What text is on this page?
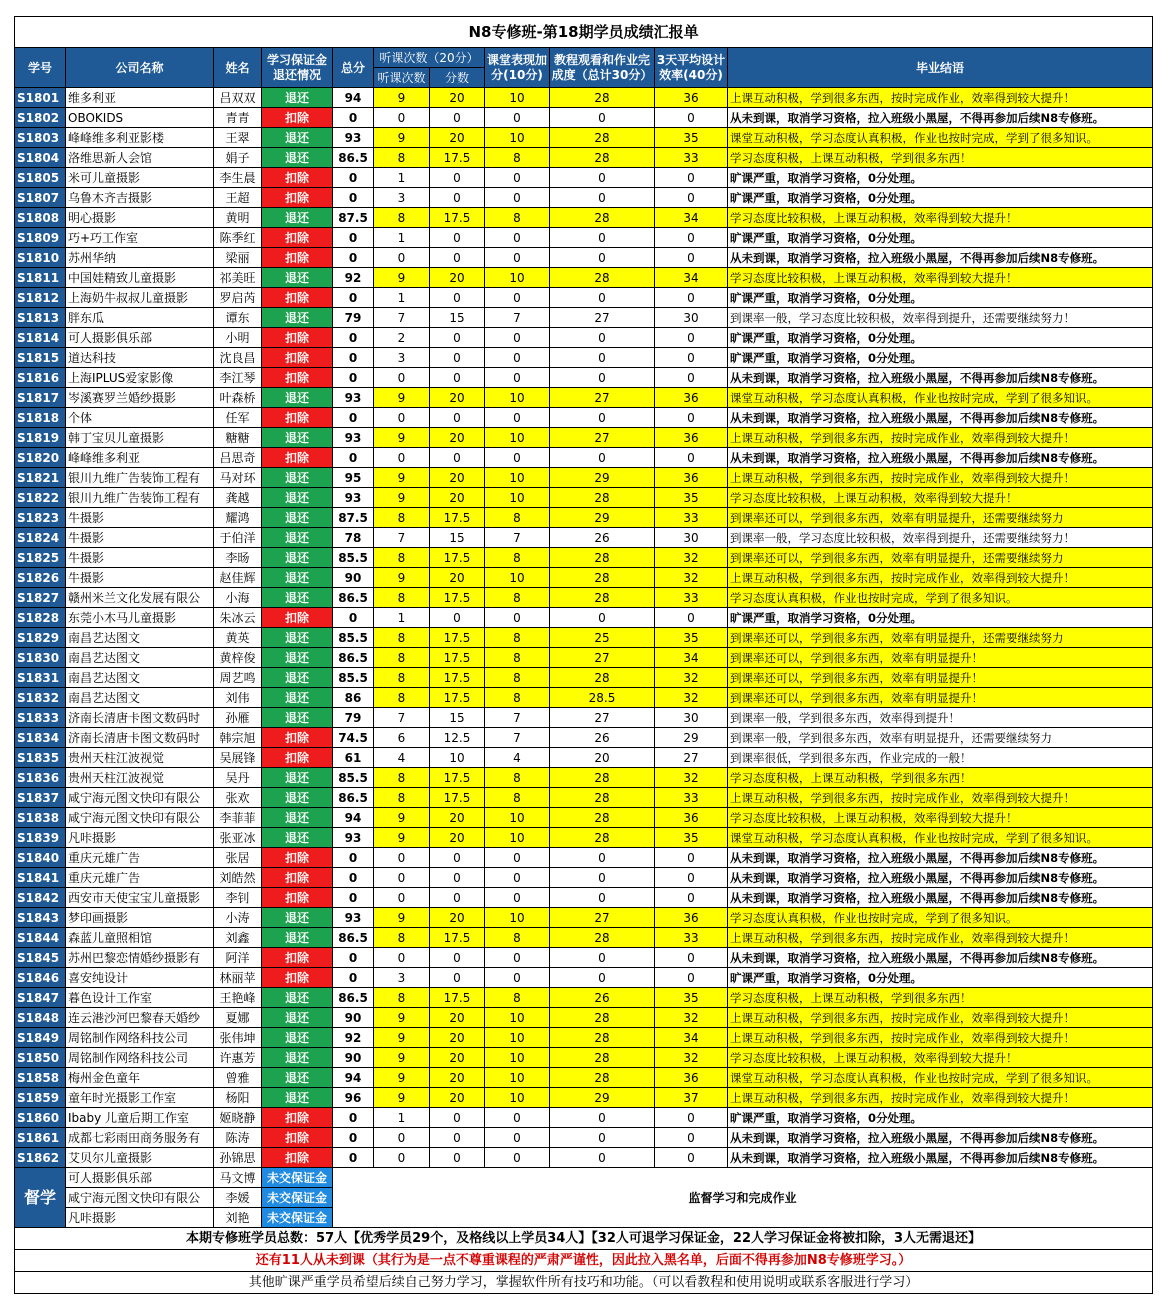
N8专修班-第18期学员成绩汇报单										
学号	公司名称	姓名	学习保证金退还情况	总分	听课次数（20分）		课堂表现加分(10分)	教程观看和作业完成度（总计30分）	3天平均设计效率(40分)	毕业结语
					听课次数	分数				
S1801	维多利亚	吕双双	退还	94	9	20	10	28	36	上课互动积极，学到很多东西，按时完成作业，效率得到较大提升！
S1802	OBOKIDS	青青	扣除	0	0	0	0	0	0	从未到课，取消学习资格，拉入班级小黑屋，不得再参加后续N8专修班。
S1803	峰峰维多利亚影楼	王翠	退还	93	9	20	10	28	35	课堂互动积极，学习态度认真积极，作业也按时完成，学到了很多知识。
S1804	洛维思新人会馆	娟子	退还	86.5	8	17.5	8	28	33	学习态度积极，上课互动积极，学到很多东西！
S1805	米可儿童摄影	李生晨	扣除	0	1	0	0	0	0	旷课严重，取消学习资格，0分处理。
S1807	乌鲁木齐吉摄影	王超	扣除	0	3	0	0	0	0	旷课严重，取消学习资格，0分处理。
S1808	明心摄影	黄明	退还	87.5	8	17.5	8	28	34	学习态度比较积极，上课互动积极，效率得到较大提升！
S1809	巧+巧工作室	陈季红	扣除	0	1	0	0	0	0	旷课严重，取消学习资格，0分处理。
S1810	苏州华纳	梁丽	扣除	0	0	0	0	0	0	从未到课，取消学习资格，拉入班级小黑屋，不得再参加后续N8专修班。
S1811	中国娃精致儿童摄影	祁美旺	退还	92	9	20	10	28	34	学习态度比较积极，上课互动积极，效率得到较大提升！
S1812	上海奶牛叔叔儿童摄影	罗启芮	扣除	0	1	0	0	0	0	旷课严重，取消学习资格，0分处理。
S1813	胖东瓜	谭东	退还	79	7	15	7	27	30	到课率一般，学习态度比较积极，效率得到提升，还需要继续努力！
S1814	可人摄影俱乐部	小明	扣除	0	2	0	0	0	0	旷课严重，取消学习资格，0分处理。
S1815	道达科技	沈良昌	扣除	0	3	0	0	0	0	旷课严重，取消学习资格，0分处理。
S1816	上海IPLUS爱家影像	李江琴	扣除	0	0	0	0	0	0	从未到课，取消学习资格，拉入班级小黑屋，不得再参加后续N8专修班。
S1817	岑溪赛罗兰婚纱摄影	叶森桥	退还	93	9	20	10	27	36	课堂互动积极，学习态度认真积极，作业也按时完成，学到了很多知识。
S1818	个体	任军	扣除	0	0	0	0	0	0	从未到课，取消学习资格，拉入班级小黑屋，不得再参加后续N8专修班。
S1819	韩丁宝贝儿童摄影	糖糖	退还	93	9	20	10	27	36	上课互动积极，学到很多东西，按时完成作业，效率得到较大提升！
S1820	峰峰维多利亚	吕思奇	扣除	0	0	0	0	0	0	从未到课，取消学习资格，拉入班级小黑屋，不得再参加后续N8专修班。
S1821	银川九维广告装饰工程有	马对环	退还	95	9	20	10	29	36	上课互动积极，学到很多东西，按时完成作业，效率得到较大提升！
S1822	银川九维广告装饰工程有	龚越	退还	93	9	20	10	28	35	学习态度比较积极，上课互动积极，效率得到较大提升！
S1823	牛摄影	耀鸿	退还	87.5	8	17.5	8	29	33	到课率还可以，学到很多东西，效率有明显提升，还需要继续努力
S1824	牛摄影	于伯洋	退还	78	7	15	7	26	30	到课率一般，学习态度比较积极，效率得到提升，还需要继续努力！
S1825	牛摄影	李旸	退还	85.5	8	17.5	8	28	32	到课率还可以，学到很多东西，效率有明显提升，还需要继续努力
S1826	牛摄影	赵佳辉	退还	90	9	20	10	28	32	上课互动积极，学到很多东西，按时完成作业，效率得到较大提升！
S1827	赣州米兰文化发展有限公	小海	退还	86.5	8	17.5	8	28	33	学习态度认真积极，作业也按时完成，学到了很多知识。
S1828	东莞小木马儿童摄影	朱冰云	扣除	0	1	0	0	0	0	旷课严重，取消学习资格，0分处理。
S1829	南昌艺达图文	黄英	退还	85.5	8	17.5	8	25	35	到课率还可以，学到很多东西，效率有明显提升，还需要继续努力
S1830	南昌艺达图文	黄梓俊	退还	86.5	8	17.5	8	27	34	到课率还可以，学到很多东西，效率有明显提升！
S1831	南昌艺达图文	周艺鸣	退还	85.5	8	17.5	8	28	32	到课率还可以，学到很多东西，效率有明显提升！
S1832	南昌艺达图文	刘伟	退还	86	8	17.5	8	28.5	32	到课率还可以，学到很多东西，效率有明显提升！
S1833	济南长清唐卡图文数码时	孙雁	退还	79	7	15	7	27	30	到课率一般，学到很多东西，效率得到提升！
S1834	济南长清唐卡图文数码时	韩宗旭	扣除	74.5	6	12.5	7	26	29	到课率一般，学到很多东西，效率有明显提升，还需要继续努力
S1835	贵州天柱江波视觉	吴展锋	扣除	61	4	10	4	20	27	到课率很低，学到很多东西，作业完成的一般！
S1836	贵州天柱江波视觉	吴丹	退还	85.5	8	17.5	8	28	32	学习态度积极，上课互动积极，学到很多东西！
S1837	咸宁海元图文快印有限公	张欢	退还	86.5	8	17.5	8	28	33	上课互动积极，学到很多东西，按时完成作业，效率得到较大提升！
S1838	咸宁海元图文快印有限公	李菲菲	退还	94	9	20	10	28	36	学习态度比较积极，上课互动积极，效率得到较大提升！
S1839	凡咔摄影	张亚冰	退还	93	9	20	10	28	35	课堂互动积极，学习态度认真积极，作业也按时完成，学到了很多知识。
S1840	重庆元雄广告	张居	扣除	0	0	0	0	0	0	从未到课，取消学习资格，拉入班级小黑屋，不得再参加后续N8专修班。
S1841	重庆元雄广告	刘皓然	扣除	0	0	0	0	0	0	从未到课，取消学习资格，拉入班级小黑屋，不得再参加后续N8专修班。
S1842	西安市天使宝宝儿童摄影	李钊	扣除	0	0	0	0	0	0	从未到课，取消学习资格，拉入班级小黑屋，不得再参加后续N8专修班。
S1843	梦印画摄影	小涛	退还	93	9	20	10	27	36	学习态度认真积极，作业也按时完成，学到了很多知识。
S1844	森蓝儿童照相馆	刘鑫	退还	86.5	8	17.5	8	28	33	上课互动积极，学到很多东西，按时完成作业，效率得到较大提升！
S1845	苏州巴黎恋情婚纱摄影有	阿洋	扣除	0	0	0	0	0	0	从未到课，取消学习资格，拉入班级小黑屋，不得再参加后续N8专修班。
S1846	喜安纯设计	林丽苹	扣除	0	3	0	0	0	0	旷课严重，取消学习资格，0分处理。
S1847	暮色设计工作室	王艳峰	退还	86.5	8	17.5	8	26	35	学习态度积极，上课互动积极，学到很多东西！
S1848	连云港沙河巴黎春天婚纱	夏娜	退还	90	9	20	10	28	32	上课互动积极，学到很多东西，按时完成作业，效率得到较大提升！
S1849	周铭制作网络科技公司	张伟坤	退还	92	9	20	10	28	34	上课互动积极，学到很多东西，按时完成作业，效率得到较大提升！
S1850	周铭制作网络科技公司	许惠芳	退还	90	9	20	10	28	32	学习态度比较积极，上课互动积极，效率得到较大提升！
S1858	梅州金色童年	曾雅	退还	94	9	20	10	28	36	课堂互动积极，学习态度认真积极，作业也按时完成，学到了很多知识。
S1859	童年时光摄影工作室	杨阳	退还	96	9	20	10	29	37	上课互动积极，学到很多东西，按时完成作业，效率得到较大提升！
S1860	Ibaby 儿童后期工作室	姬晓静	扣除	0	1	0	0	0	0	旷课严重，取消学习资格，0分处理。
S1861	成都七彩雨田商务服务有	陈涛	扣除	0	0	0	0	0	0	从未到课，取消学习资格，拉入班级小黑屋，不得再参加后续N8专修班。
S1862	艾贝尔儿童摄影	孙锦思	扣除	0	0	0	0	0	0	从未到课，取消学习资格，拉入班级小黑屋，不得再参加后续N8专修班。
督学	可人摄影俱乐部	马文博	未交保证金	监督学习和完成作业						
	咸宁海元图文快印有限公	李媛	未交保证金							
	凡咔摄影	刘艳	未交保证金							
本期专修班学员总数：57人【优秀学员29个，及格线以上学员34人】【32人可退学习保证金，22人学习保证金将被扣除，3人无需退还】										
还有11人从未到课（其行为是一点不尊重课程的严肃严谨性，因此拉入黑名单，后面不得再参加N8专修班学习。）										
其他旷课严重学员希望后续自己努力学习，掌握软件所有技巧和功能。（可以看教程和使用说明或联系客服进行学习）										
